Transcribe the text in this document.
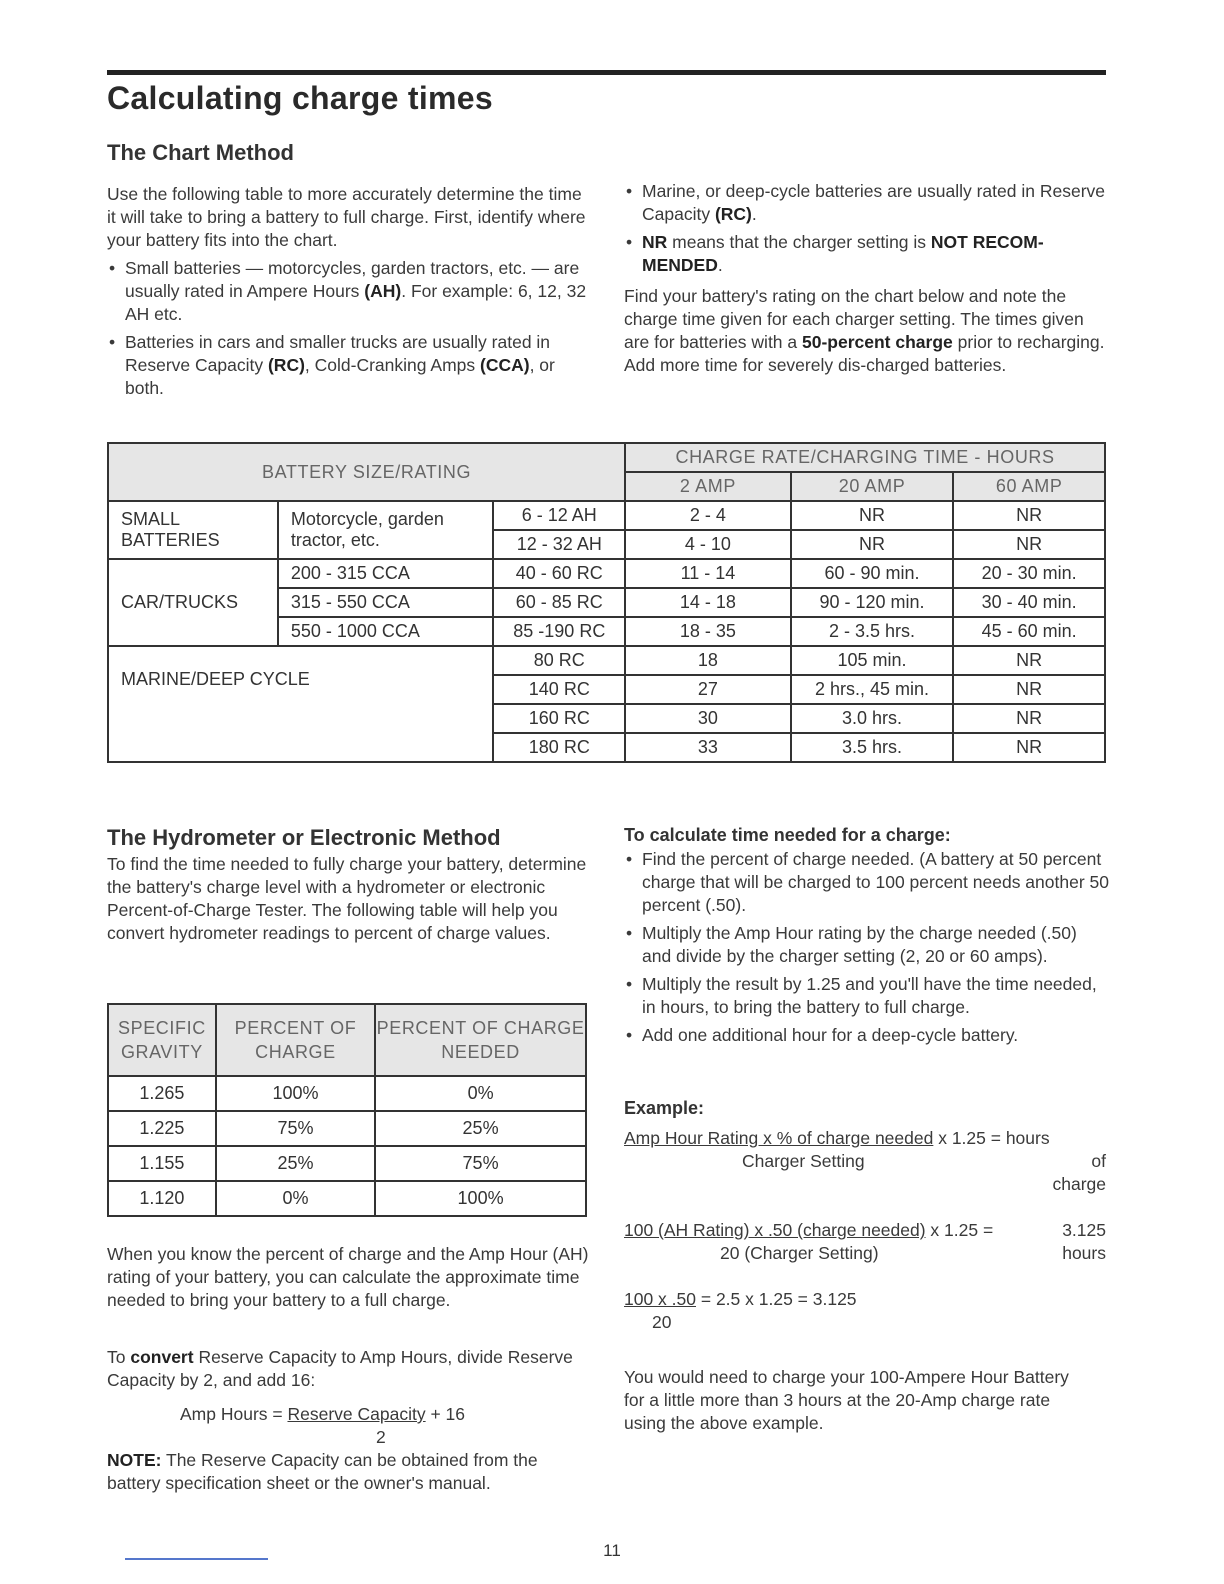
Calculating charge times
The Chart Method
Use the following table to more accurately determine the time it will take to bring a battery to full charge. First, identify where your battery fits into the chart.
• Small batteries — motorcycles, garden tractors, etc. — are usually rated in Ampere Hours (AH). For example: 6, 12, 32 AH etc.
• Batteries in cars and smaller trucks are usually rated in Reserve Capacity (RC), Cold-Cranking Amps (CCA), or both.
• Marine, or deep-cycle batteries are usually rated in Reserve Capacity (RC).
• NR means that the charger setting is NOT RECOM-MENDED.
Find your battery's rating on the chart below and note the charge time given for each charger setting. The times given are for batteries with a 50-percent charge prior to recharging. Add more time for severely dis-charged batteries.
BATTERY SIZE/RATING			CHARGE RATE/CHARGING TIME - HOURS		
			2 AMP	20 AMP	60 AMP
SMALL BATTERIES	Motorcycle, garden tractor, etc.	6 - 12 AH	2 - 4	NR	NR
		12 - 32 AH	4 - 10	NR	NR
CAR/TRUCKS	200 - 315 CCA	40 - 60 RC	11 - 14	60 - 90 min.	20 - 30 min.
	315 - 550 CCA	60 - 85 RC	14 - 18	90 - 120 min.	30 - 40 min.
	550 - 1000 CCA	85 -190 RC	18 - 35	2 - 3.5 hrs.	45 - 60 min.
MARINE/DEEP CYCLE		80 RC	18	105 min.	NR
		140 RC	27	2 hrs., 45 min.	NR
		160 RC	30	3.0 hrs.	NR
		180 RC	33	3.5 hrs.	NR
The Hydrometer or Electronic Method
To find the time needed to fully charge your battery, determine the battery's charge level with a hydrometer or electronic Percent-of-Charge Tester. The following table will help you convert hydrometer readings to percent of charge values.
SPECIFIC GRAVITY	PERCENT OF CHARGE	PERCENT OF CHARGE NEEDED
1.265	100%	0%
1.225	75%	25%
1.155	25%	75%
1.120	0%	100%
When you know the percent of charge and the Amp Hour (AH) rating of your battery, you can calculate the approximate time needed to bring your battery to a full charge.
To convert Reserve Capacity to Amp Hours, divide Reserve Capacity by 2, and add 16:
Amp Hours = Reserve Capacity + 16
2
NOTE: The Reserve Capacity can be obtained from the battery specification sheet or the owner's manual.
To calculate time needed for a charge:
• Find the percent of charge needed. (A battery at 50 percent charge that will be charged to 100 percent needs another 50 percent (.50).
• Multiply the Amp Hour rating by the charge needed (.50) and divide by the charger setting (2, 20 or 60 amps).
• Multiply the result by 1.25 and you'll have the time needed, in hours, to bring the battery to full charge.
• Add one additional hour for a deep-cycle battery.
Example:
Amp Hour Rating x % of charge needed x 1.25 = hours
Charger Setting	of
charge
100 (AH Rating) x .50 (charge needed) x 1.25 =	3.125
20 (Charger Setting)	hours
100 x .50 = 2.5 x 1.25 = 3.125
20
You would need to charge your 100-Ampere Hour Battery for a little more than 3 hours at the 20-Amp charge rate using the above example.
11
